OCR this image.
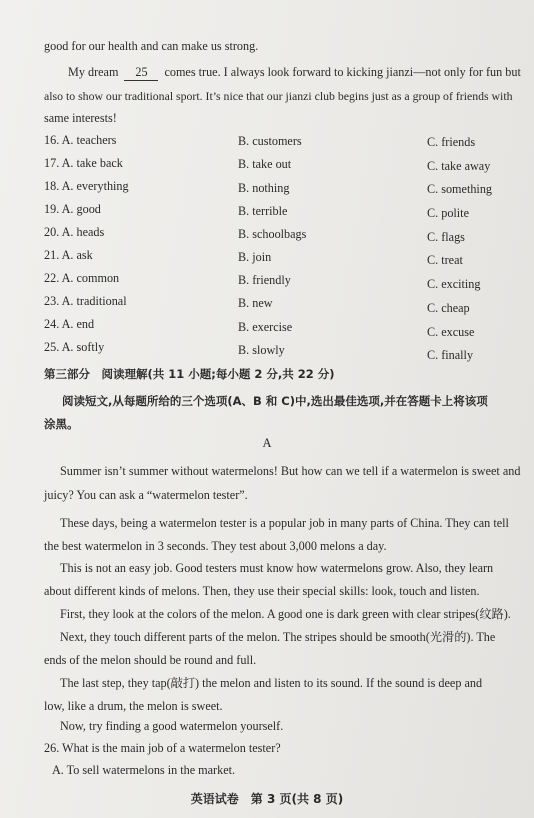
good for our health and can make us strong.
My dream 25 comes true. I always look forward to kicking jianzi—not only for fun but
also to show our traditional sport. It’s nice that our jianzi club begins just as a group of friends with
same interests!
16. A. teachers	B. customers	C. friends
17. A. take back	B. take out	C. take away
18. A. everything	B. nothing	C. something
19. A. good	B. terrible	C. polite
20. A. heads	B. schoolbags	C. flags
21. A. ask	B. join	C. treat
22. A. common	B. friendly	C. exciting
23. A. traditional	B. new	C. cheap
24. A. end	B. exercise	C. excuse
25. A. softly	B. slowly	C. finally
第三部分　阅读理解(共 11 小题;每小题 2 分,共 22 分)
阅读短文,从每题所给的三个选项(A、B 和 C)中,选出最佳选项,并在答题卡上将该项
涂黑。
A
Summer isn’t summer without watermelons! But how can we tell if a watermelon is sweet and
juicy? You can ask a “watermelon tester”.
These days, being a watermelon tester is a popular job in many parts of China. They can tell
the best watermelon in 3 seconds. They test about 3,000 melons a day.
This is not an easy job. Good testers must know how watermelons grow. Also, they learn
about different kinds of melons. Then, they use their special skills: look, touch and listen.
First, they look at the colors of the melon. A good one is dark green with clear stripes(纹路).
Next, they touch different parts of the melon. The stripes should be smooth(光滑的). The
ends of the melon should be round and full.
The last step, they tap(敲打) the melon and listen to its sound. If the sound is deep and
low, like a drum, the melon is sweet.
Now, try finding a good watermelon yourself.
26. What is the main job of a watermelon tester?
A. To sell watermelons in the market.
英语试卷　第 3 页(共 8 页)
